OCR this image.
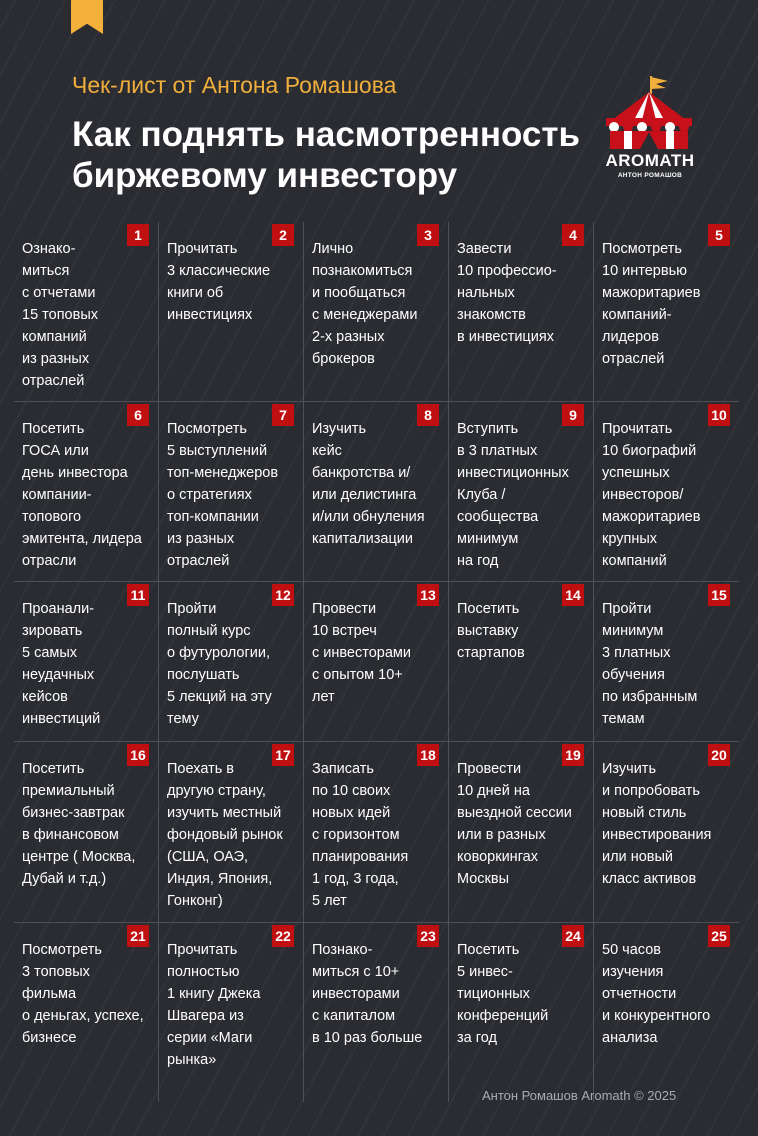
Чек-лист от Антона Ромашова
Как поднять насмотренность биржевому инвестору	AROMATH
АНТОН РОМАШОВ
1
Ознако-
миться
с отчетами
15 топовых
компаний
из разных
отраслей
2
Прочитать
3 классические
книги об
инвестициях
3
Лично
познакомиться
и пообщаться
с менеджерами
2-х разных
брокеров
4
Завести
10 профессио-
нальных
знакомств
в инвестициях
5
Посмотреть
10 интервью
мажоритариев
компаний-
лидеров
отраслей
6
Посетить
ГОСА или
день инвестора
компании-
топового
эмитента, лидера
отрасли
7
Посмотреть
5 выступлений
топ-менеджеров
о стратегиях
топ-компании
из разных
отраслей
8
Изучить
кейс
банкротства и/
или делистинга
и/или обнуления
капитализации
9
Вступить
в 3 платных
инвестиционных
Клуба /
сообщества
минимум
на год
10
Прочитать
10 биографий
успешных
инвесторов/
мажоритариев
крупных
компаний
11
Проанали-
зировать
5 самых
неудачных
кейсов
инвестиций
12
Пройти
полный курс
о футурологии,
послушать
5 лекций на эту
тему
13
Провести
10 встреч
с инвесторами
с опытом 10+
лет
14
Посетить
выставку
стартапов
15
Пройти
минимум
3 платных
обучения
по избранным
темам
16
Посетить
премиальный
бизнес-завтрак
в финансовом
центре ( Москва,
Дубай и т.д.)
17
Поехать в
другую страну,
изучить местный
фондовый рынок
(США, ОАЭ,
Индия, Япония,
Гонконг)
18
Записать
по 10 своих
новых идей
с горизонтом
планирования
1 год, 3 года,
5 лет
19
Провести
10 дней на
выездной сессии
или в разных
коворкингах
Москвы
20
Изучить
и попробовать
новый стиль
инвестирования
или новый
класс активов
21
Посмотреть
3 топовых
фильма
о деньгах, успехе,
бизнесе
22
Прочитать
полностью
1 книгу Джека
Швагера из
серии «Маги
рынка»
23
Познако-
миться с 10+
инвесторами
с капиталом
в 10 раз больше
24
Посетить
5 инвес-
тиционных
конференций
за год
25
50 часов
изучения
отчетности
и конкурентного
анализа
Антон Ромашов Aromath © 2025
